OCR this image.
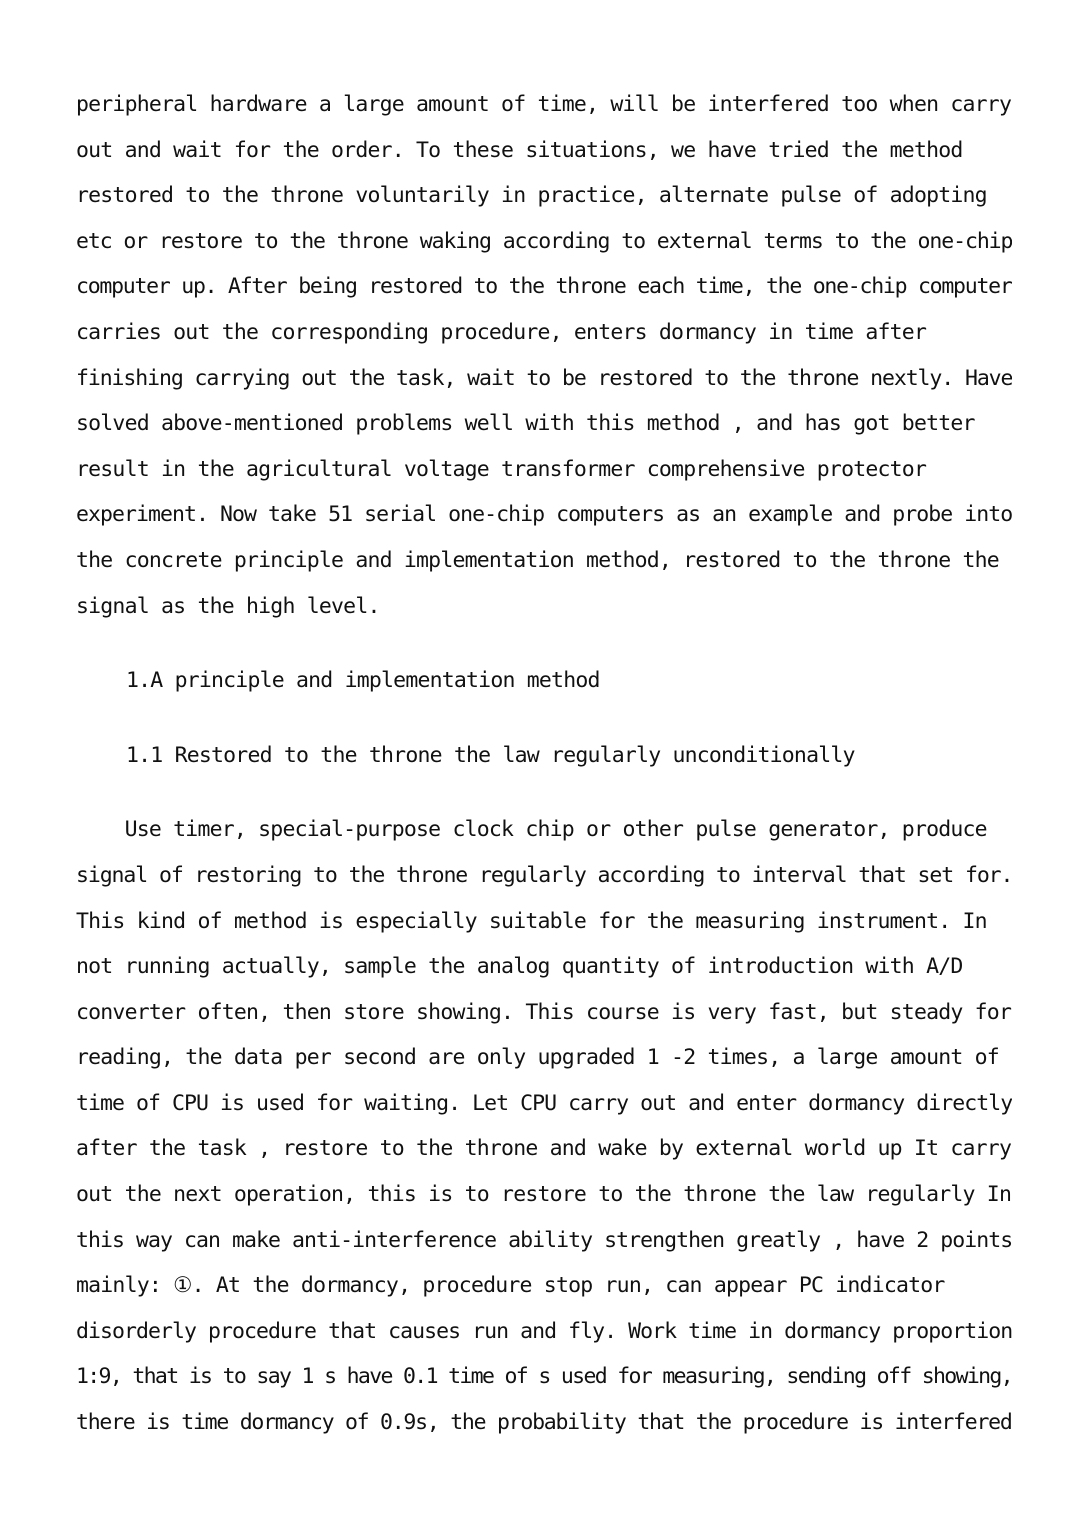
peripheral hardware a large amount of time, will be interfered too when carry
out and wait for the order. To these situations, we have tried the method
restored to the throne voluntarily in practice, alternate pulse of adopting
etc or restore to the throne waking according to external terms to the one-chip
computer up. After being restored to the throne each time, the one-chip computer
carries out the corresponding procedure, enters dormancy in time after
finishing carrying out the task, wait to be restored to the throne nextly. Have
solved above-mentioned problems well with this method , and has got better
result in the agricultural voltage transformer comprehensive protector
experiment. Now take 51 serial one-chip computers as an example and probe into
the concrete principle and implementation method, restored to the throne the
signal as the high level.
1.A principle and implementation method
1.1 Restored to the throne the law regularly unconditionally
Use timer, special-purpose clock chip or other pulse generator, produce
signal of restoring to the throne regularly according to interval that set for.
This kind of method is especially suitable for the measuring instrument. In
not running actually, sample the analog quantity of introduction with A/D
converter often, then store showing. This course is very fast, but steady for
reading, the data per second are only upgraded 1 -2 times, a large amount of
time of CPU is used for waiting. Let CPU carry out and enter dormancy directly
after the task , restore to the throne and wake by external world up It carry
out the next operation, this is to restore to the throne the law regularly In
this way can make anti-interference ability strengthen greatly , have 2 points
mainly: ①. At the dormancy, procedure stop run, can appear PC indicator
disorderly procedure that causes run and fly. Work time in dormancy proportion
1:9, that is to say 1 s have 0.1 time of s used for measuring, sending off showing,
there is time dormancy of 0.9s, the probability that the procedure is interfered
